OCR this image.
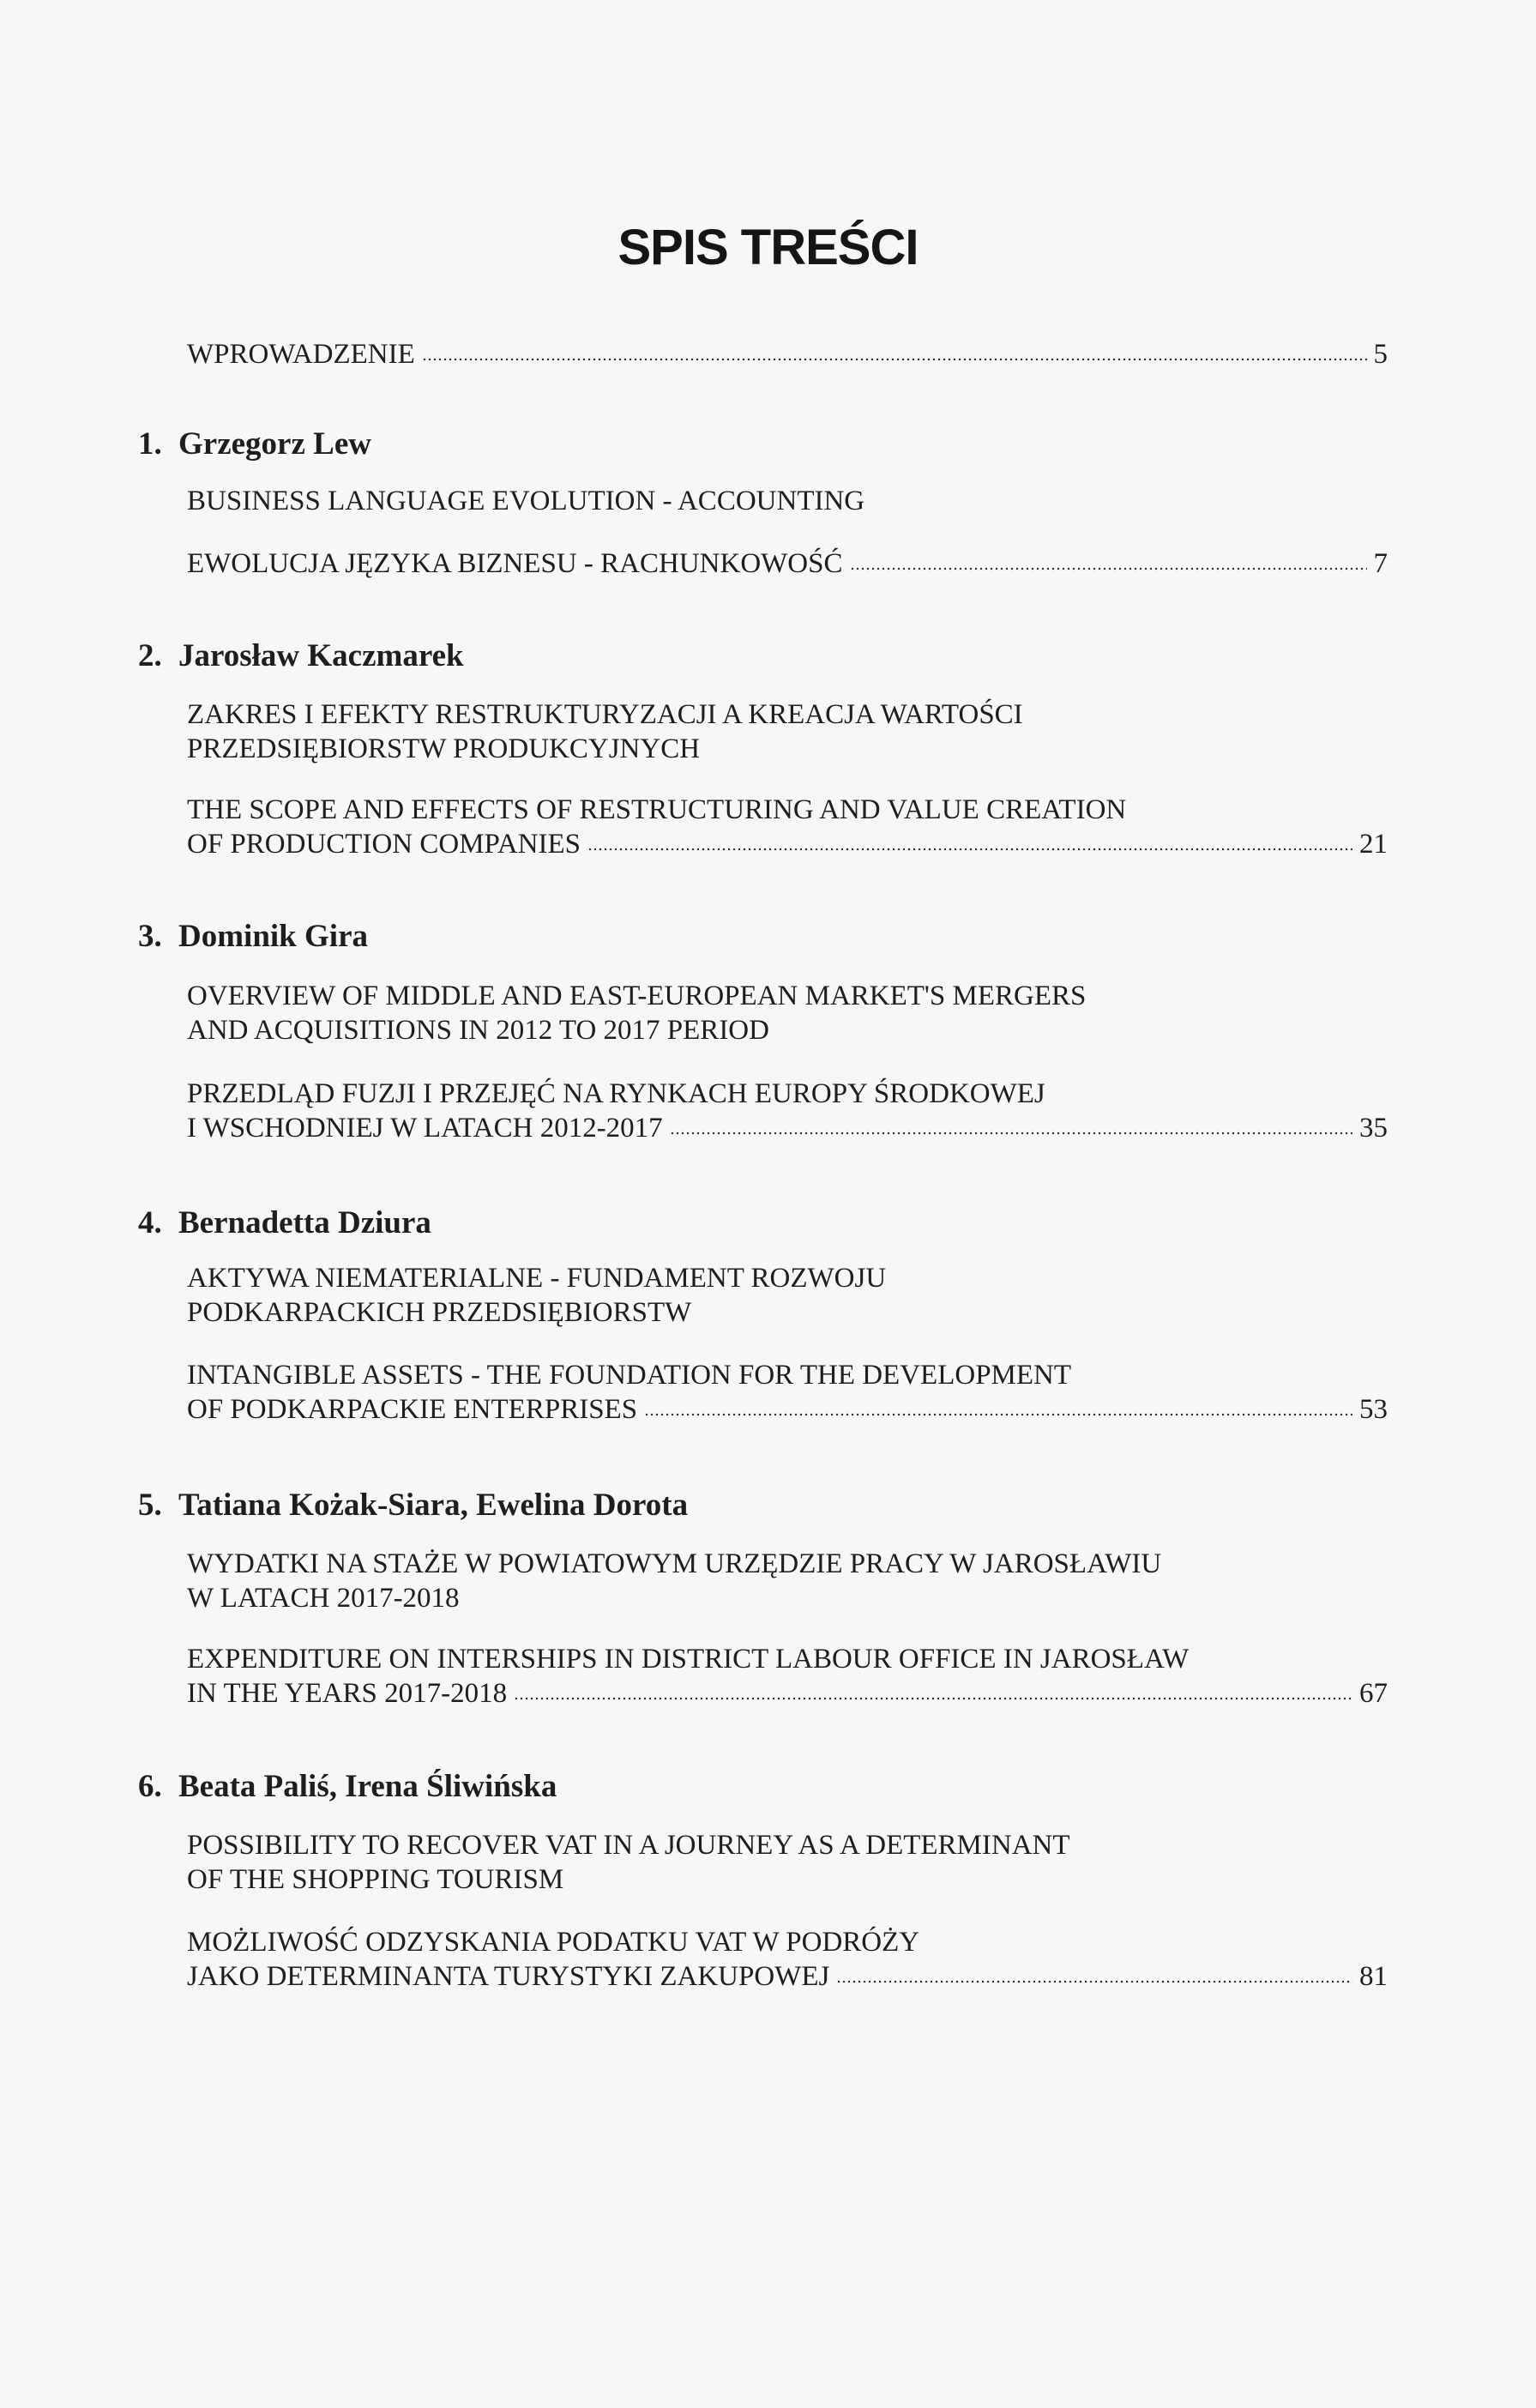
SPIS TREŚCI
WPROWADZENIE	5
1. Grzegorz Lew
BUSINESS LANGUAGE EVOLUTION - ACCOUNTING
EWOLUCJA JĘZYKA BIZNESU - RACHUNKOWOŚĆ	7
2. Jarosław Kaczmarek
ZAKRES I EFEKTY RESTRUKTURYZACJI A KREACJA WARTOŚCI
PRZEDSIĘBIORSTW PRODUKCYJNYCH
THE SCOPE AND EFFECTS OF RESTRUCTURING AND VALUE CREATION
OF PRODUCTION COMPANIES	21
3. Dominik Gira
OVERVIEW OF MIDDLE AND EAST-EUROPEAN MARKET'S MERGERS
AND ACQUISITIONS IN 2012 TO 2017 PERIOD
PRZEDLĄD FUZJI I PRZEJĘĆ NA RYNKACH EUROPY ŚRODKOWEJ
I WSCHODNIEJ W LATACH 2012-2017	35
4. Bernadetta Dziura
AKTYWA NIEMATERIALNE - FUNDAMENT ROZWOJU
PODKARPACKICH PRZEDSIĘBIORSTW
INTANGIBLE ASSETS - THE FOUNDATION FOR THE DEVELOPMENT
OF PODKARPACKIE ENTERPRISES	53
5. Tatiana Kożak-Siara, Ewelina Dorota
WYDATKI NA STAŻE W POWIATOWYM URZĘDZIE PRACY W JAROSŁAWIU
W LATACH 2017-2018
EXPENDITURE ON INTERSHIPS IN DISTRICT LABOUR OFFICE IN JAROSŁAW
IN THE YEARS 2017-2018	67
6. Beata Paliś, Irena Śliwińska
POSSIBILITY TO RECOVER VAT IN A JOURNEY AS A DETERMINANT
OF THE SHOPPING TOURISM
MOŻLIWOŚĆ ODZYSKANIA PODATKU VAT W PODRÓŻY
JAKO DETERMINANTA TURYSTYKI ZAKUPOWEJ	81
